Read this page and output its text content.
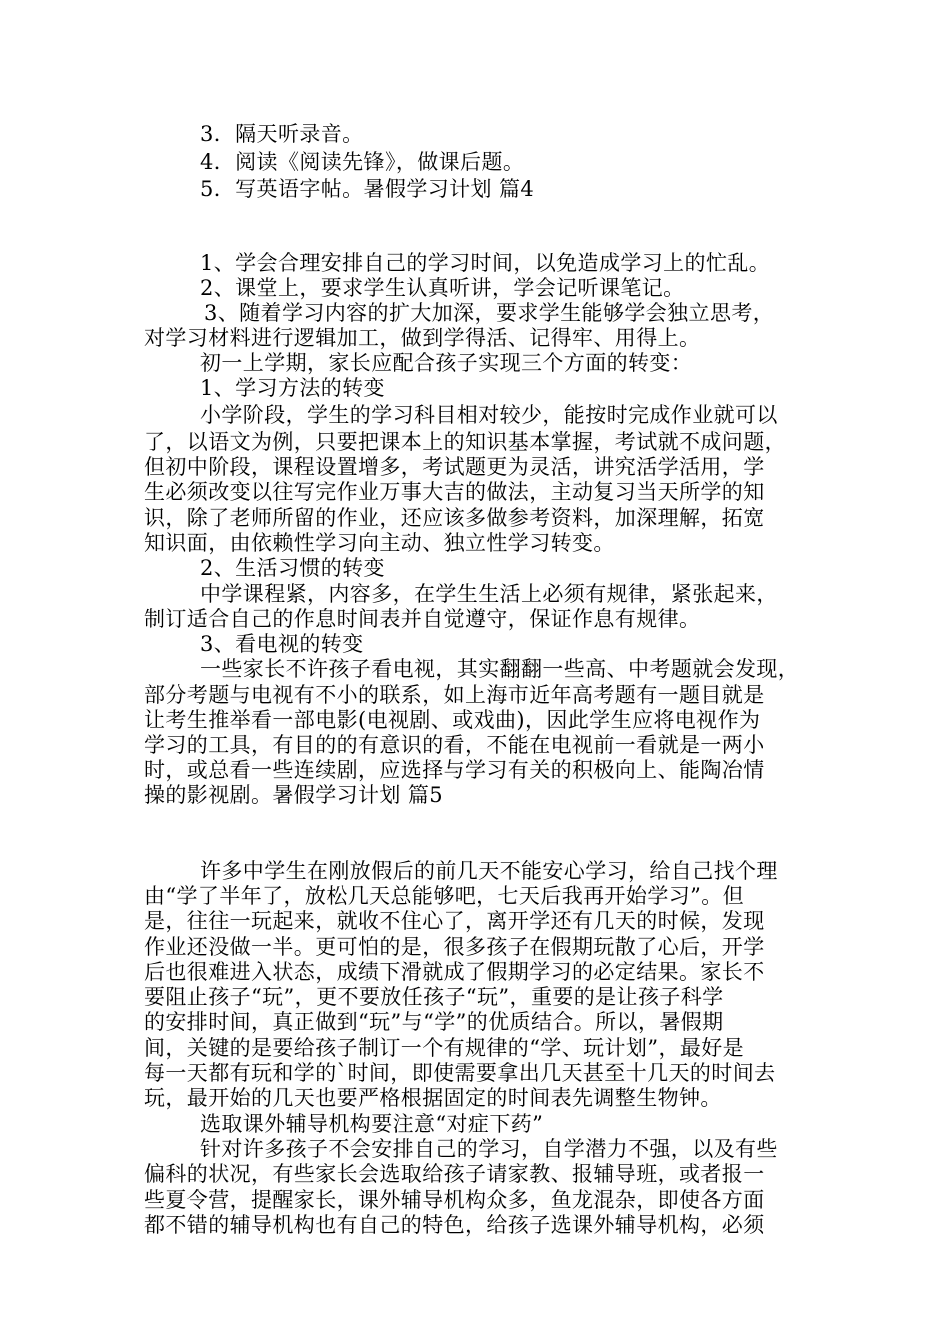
3．隔天听录音。
4．阅读《阅读先锋》，做课后题。
5．写英语字帖。暑假学习计划 篇4
1、学会合理安排自己的学习时间，以免造成学习上的忙乱。
2、课堂上，要求学生认真听讲，学会记听课笔记。
3、随着学习内容的扩大加深，要求学生能够学会独立思考，
对学习材料进行逻辑加工，做到学得活、记得牢、用得上。
初一上学期，家长应配合孩子实现三个方面的转变：
1、学习方法的转变
小学阶段，学生的学习科目相对较少，能按时完成作业就可以
了，以语文为例，只要把课本上的知识基本掌握，考试就不成问题，
但初中阶段，课程设置增多，考试题更为灵活，讲究活学活用，学
生必须改变以往写完作业万事大吉的做法，主动复习当天所学的知
识，除了老师所留的作业，还应该多做参考资料，加深理解，拓宽
知识面，由依赖性学习向主动、独立性学习转变。
2、生活习惯的转变
中学课程紧，内容多，在学生生活上必须有规律，紧张起来，
制订适合自己的作息时间表并自觉遵守，保证作息有规律。
3、看电视的转变
一些家长不许孩子看电视，其实翻翻一些高、中考题就会发现，
部分考题与电视有不小的联系，如上海市近年高考题有一题目就是
让考生推举看一部电影(电视剧、或戏曲)，因此学生应将电视作为
学习的工具，有目的的有意识的看，不能在电视前一看就是一两小
时，或总看一些连续剧，应选择与学习有关的积极向上、能陶冶情
操的影视剧。暑假学习计划 篇5
许多中学生在刚放假后的前几天不能安心学习，给自己找个理
由“学了半年了，放松几天总能够吧，七天后我再开始学习”。但
是，往往一玩起来，就收不住心了，离开学还有几天的时候，发现
作业还没做一半。更可怕的是，很多孩子在假期玩散了心后，开学
后也很难进入状态，成绩下滑就成了假期学习的必定结果。家长不
要阻止孩子“玩”，更不要放任孩子“玩”，重要的是让孩子科学
的安排时间，真正做到“玩”与“学”的优质结合。所以，暑假期
间，关键的是要给孩子制订一个有规律的“学、玩计划”，最好是
每一天都有玩和学的`时间，即使需要拿出几天甚至十几天的时间去
玩，最开始的几天也要严格根据固定的时间表先调整生物钟。
选取课外辅导机构要注意“对症下药”
针对许多孩子不会安排自己的学习，自学潜力不强，以及有些
偏科的状况，有些家长会选取给孩子请家教、报辅导班，或者报一
些夏令营，提醒家长，课外辅导机构众多，鱼龙混杂，即使各方面
都不错的辅导机构也有自己的特色，给孩子选课外辅导机构，必须
